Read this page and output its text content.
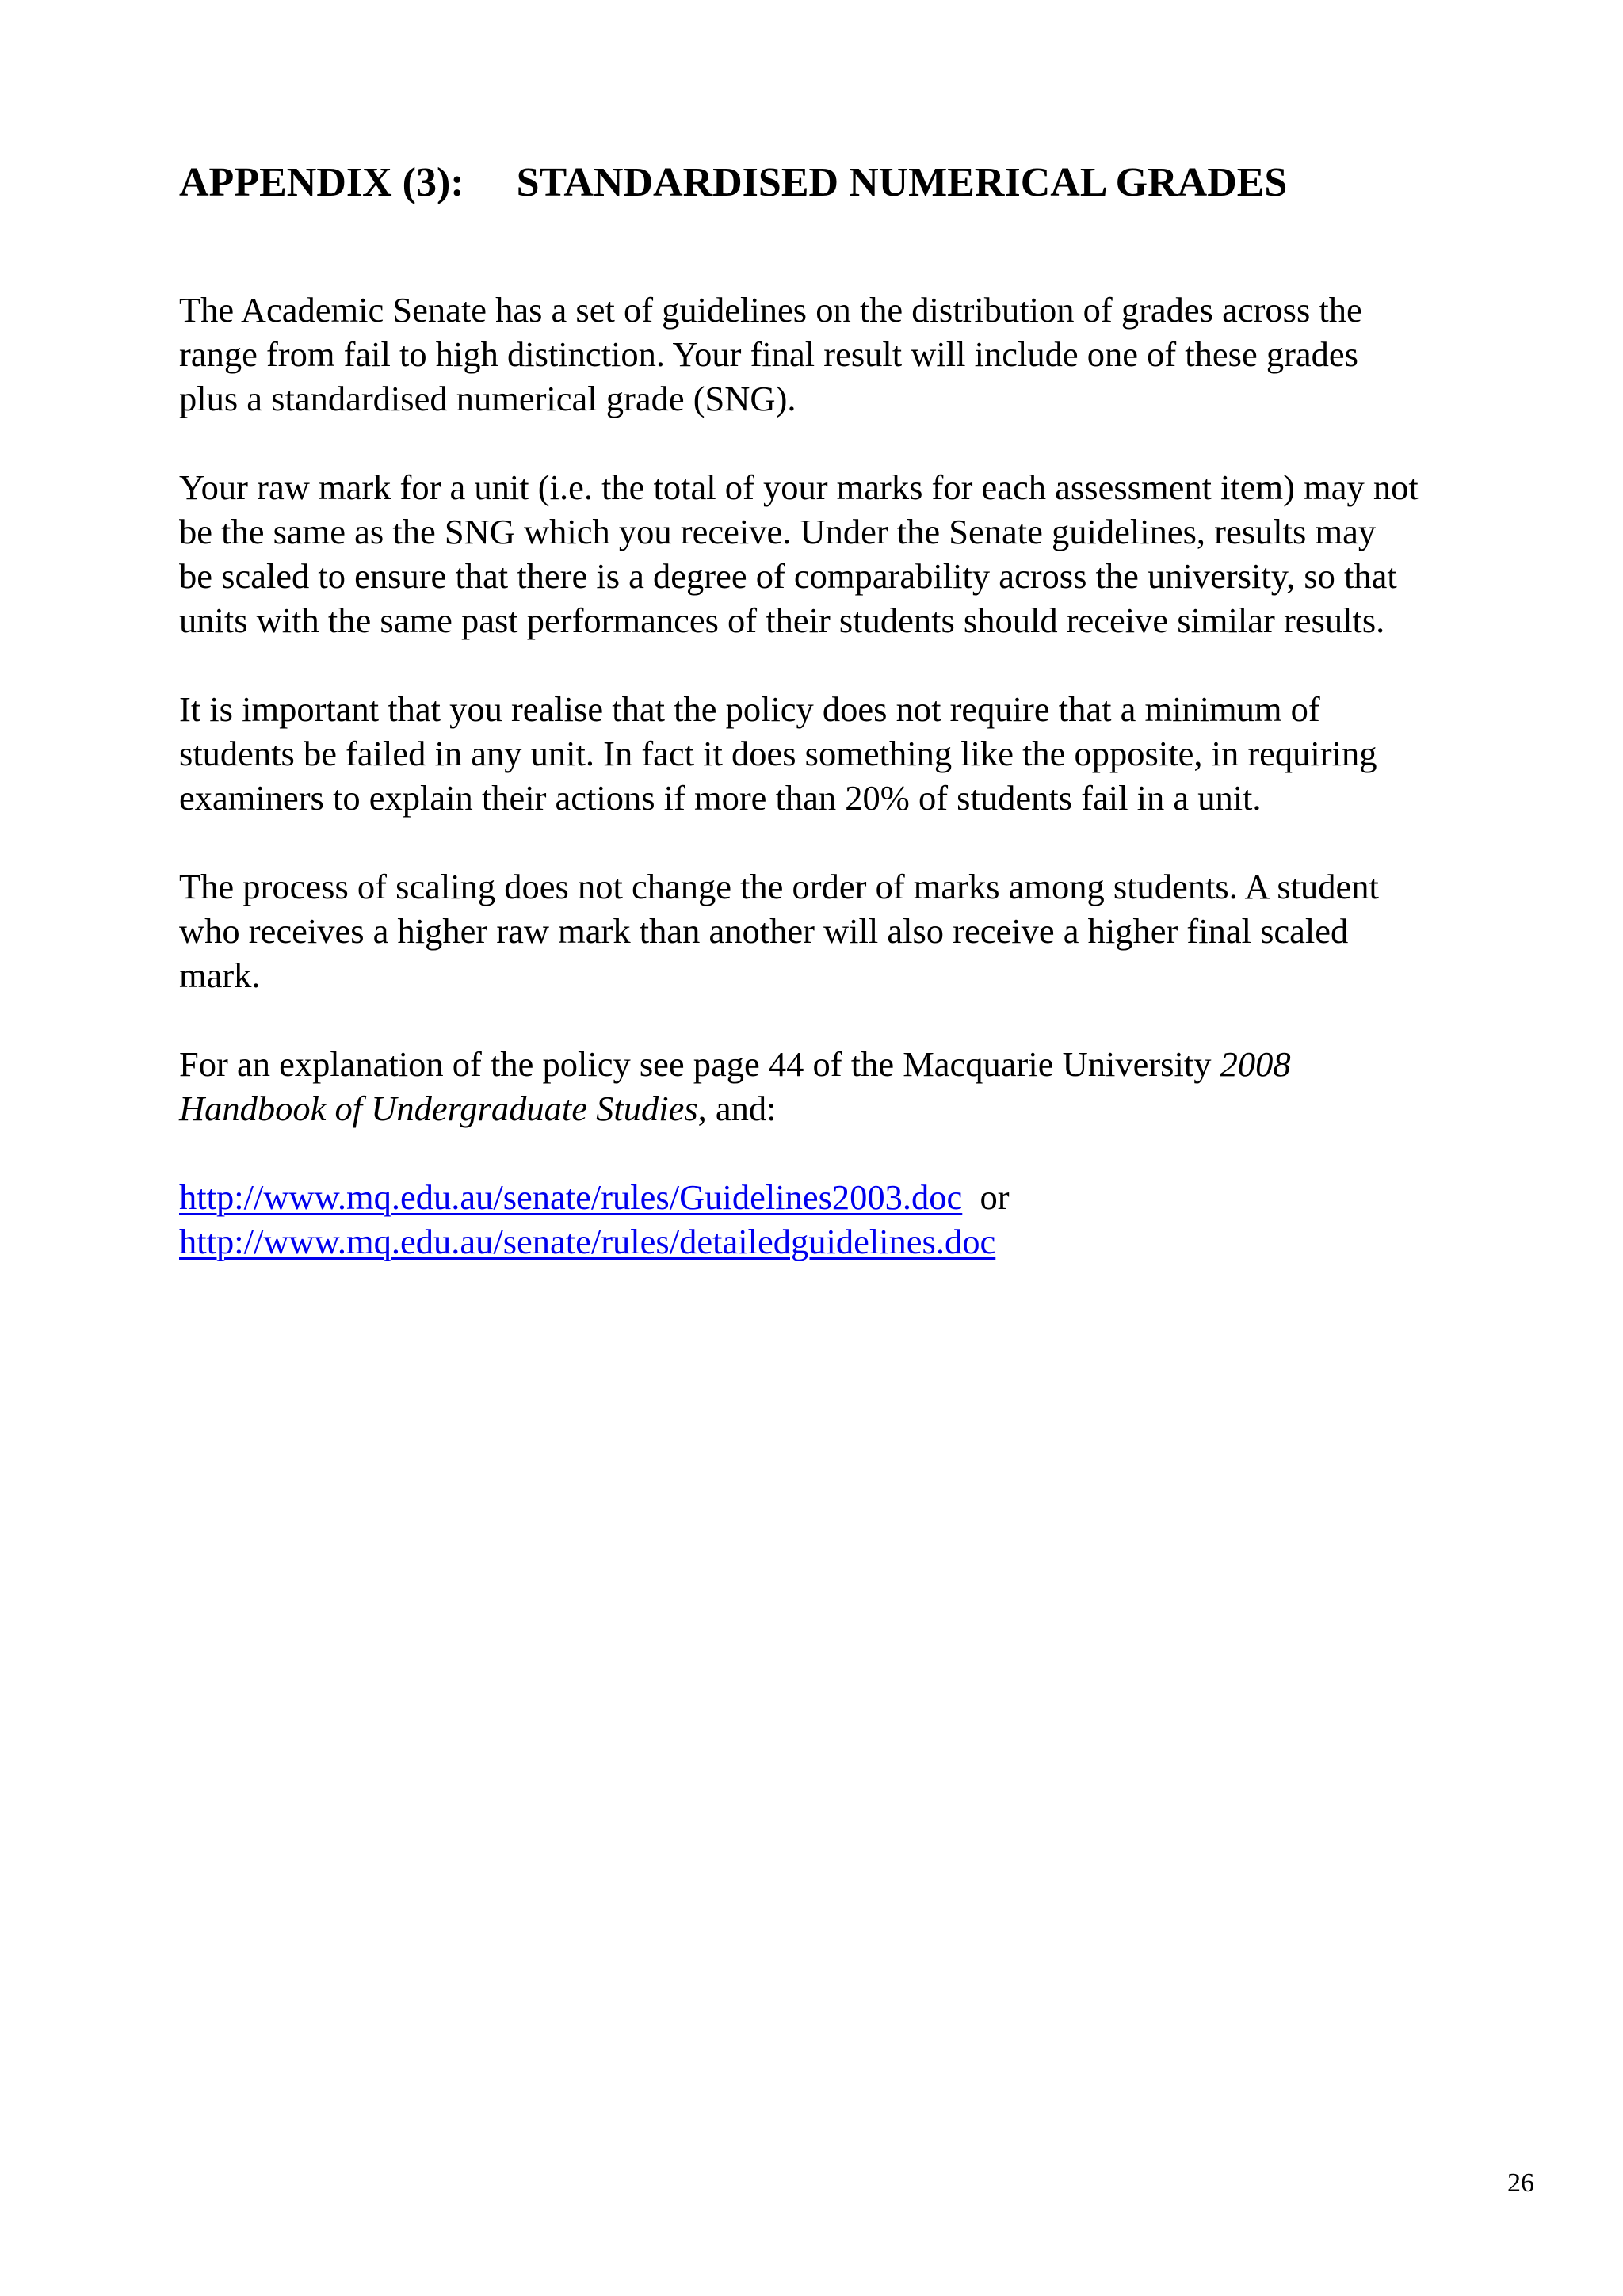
APPENDIX (3): STANDARDISED NUMERICAL GRADES

The Academic Senate has a set of guidelines on the distribution of grades across the
range from fail to high distinction. Your final result will include one of these grades
plus a standardised numerical grade (SNG).

Your raw mark for a unit (i.e. the total of your marks for each assessment item) may not
be the same as the SNG which you receive. Under the Senate guidelines, results may
be scaled to ensure that there is a degree of comparability across the university, so that
units with the same past performances of their students should receive similar results.

It is important that you realise that the policy does not require that a minimum of
students be failed in any unit. In fact it does something like the opposite, in requiring
examiners to explain their actions if more than 20% of students fail in a unit.

The process of scaling does not change the order of marks among students. A student
who receives a higher raw mark than another will also receive a higher final scaled
mark.

For an explanation of the policy see page 44 of the Macquarie University 2008
Handbook of Undergraduate Studies, and:

http://www.mq.edu.au/senate/rules/Guidelines2003.doc or
http://www.mq.edu.au/senate/rules/detailedguidelines.doc

26
